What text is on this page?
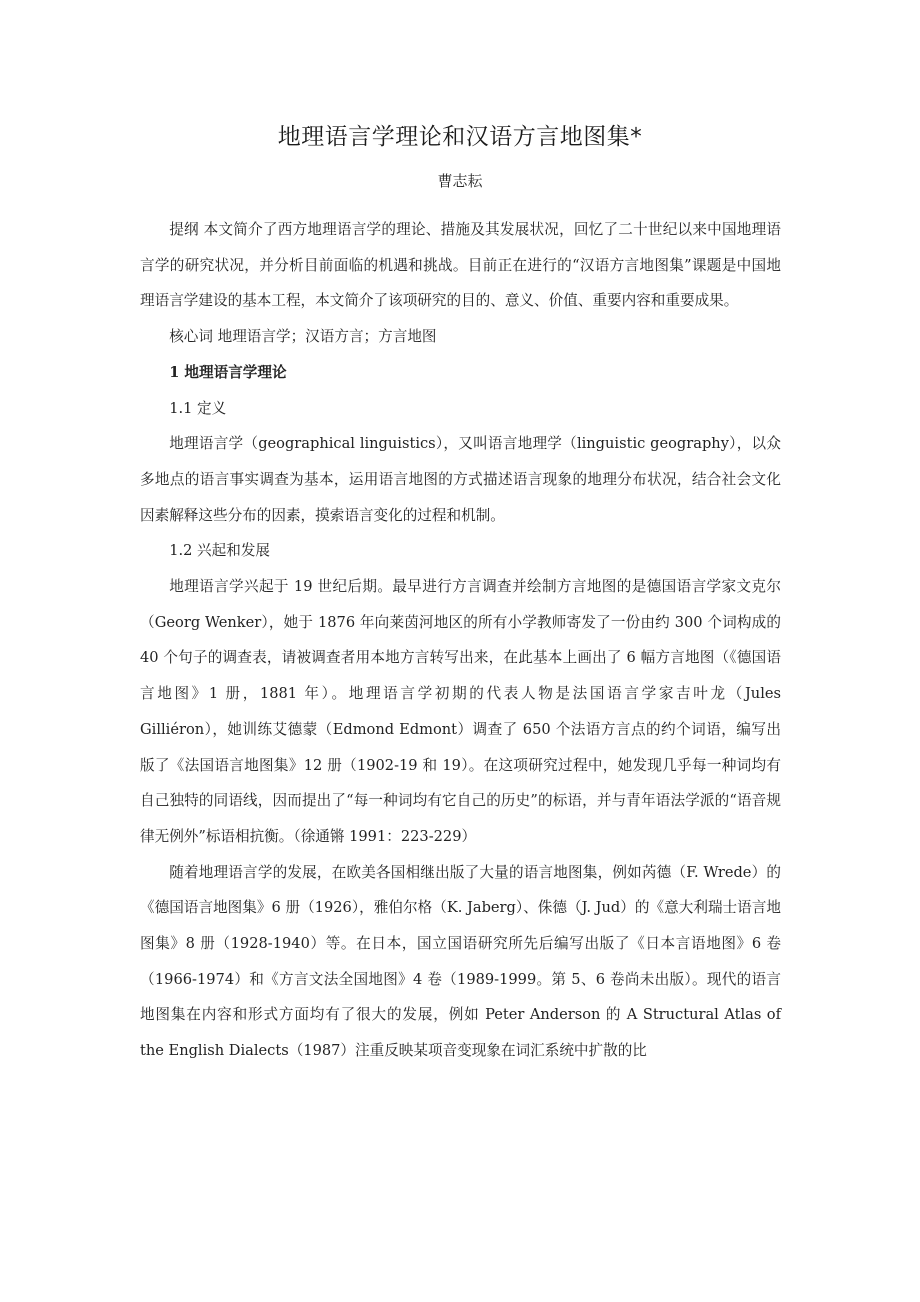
地理语言学理论和汉语方言地图集*
曹志耘

提纲 本文简介了西方地理语言学的理论、措施及其发展状况，回忆了二十世纪以来中国地理语言学的研究状况，并分析目前面临的机遇和挑战。目前正在进行的“汉语方言地图集”课题是中国地理语言学建设的基本工程，本文简介了该项研究的目的、意义、价值、重要内容和重要成果。

核心词 地理语言学；汉语方言；方言地图

1 地理语言学理论

1.1 定义

地理语言学（geographical linguistics），又叫语言地理学（linguistic geography），以众多地点的语言事实调查为基本，运用语言地图的方式描述语言现象的地理分布状况，结合社会文化因素解释这些分布的因素，摸索语言变化的过程和机制。

1.2 兴起和发展

地理语言学兴起于 19 世纪后期。最早进行方言调查并绘制方言地图的是德国语言学家文克尔（Georg Wenker），她于 1876 年向莱茵河地区的所有小学教师寄发了一份由约 300 个词构成的 40 个句子的调查表，请被调查者用本地方言转写出来，在此基本上画出了 6 幅方言地图（《德国语言地图》1 册，1881 年）。地理语言学初期的代表人物是法国语言学家吉叶龙（Jules Gilliéron），她训练艾德蒙（Edmond Edmont）调查了 650 个法语方言点的约个词语，编写出版了《法国语言地图集》12 册（1902-19 和 19）。在这项研究过程中，她发现几乎每一种词均有自己独特的同语线，因而提出了“每一种词均有它自己的历史”的标语，并与青年语法学派的“语音规律无例外”标语相抗衡。（徐通锵 1991：223-229）

随着地理语言学的发展，在欧美各国相继出版了大量的语言地图集，例如芮德（F. Wrede）的《德国语言地图集》6 册（1926），雅伯尔格（K. Jaberg）、侏德（J. Jud）的《意大利瑞士语言地图集》8 册（1928-1940）等。在日本，国立国语研究所先后编写出版了《日本言语地图》6 卷（1966-1974）和《方言文法全国地图》4 卷（1989-1999。第 5、6 卷尚未出版）。现代的语言地图集在内容和形式方面均有了很大的发展，例如 Peter Anderson 的 A Structural Atlas of the English Dialects（1987）注重反映某项音变现象在词汇系统中扩散的比
